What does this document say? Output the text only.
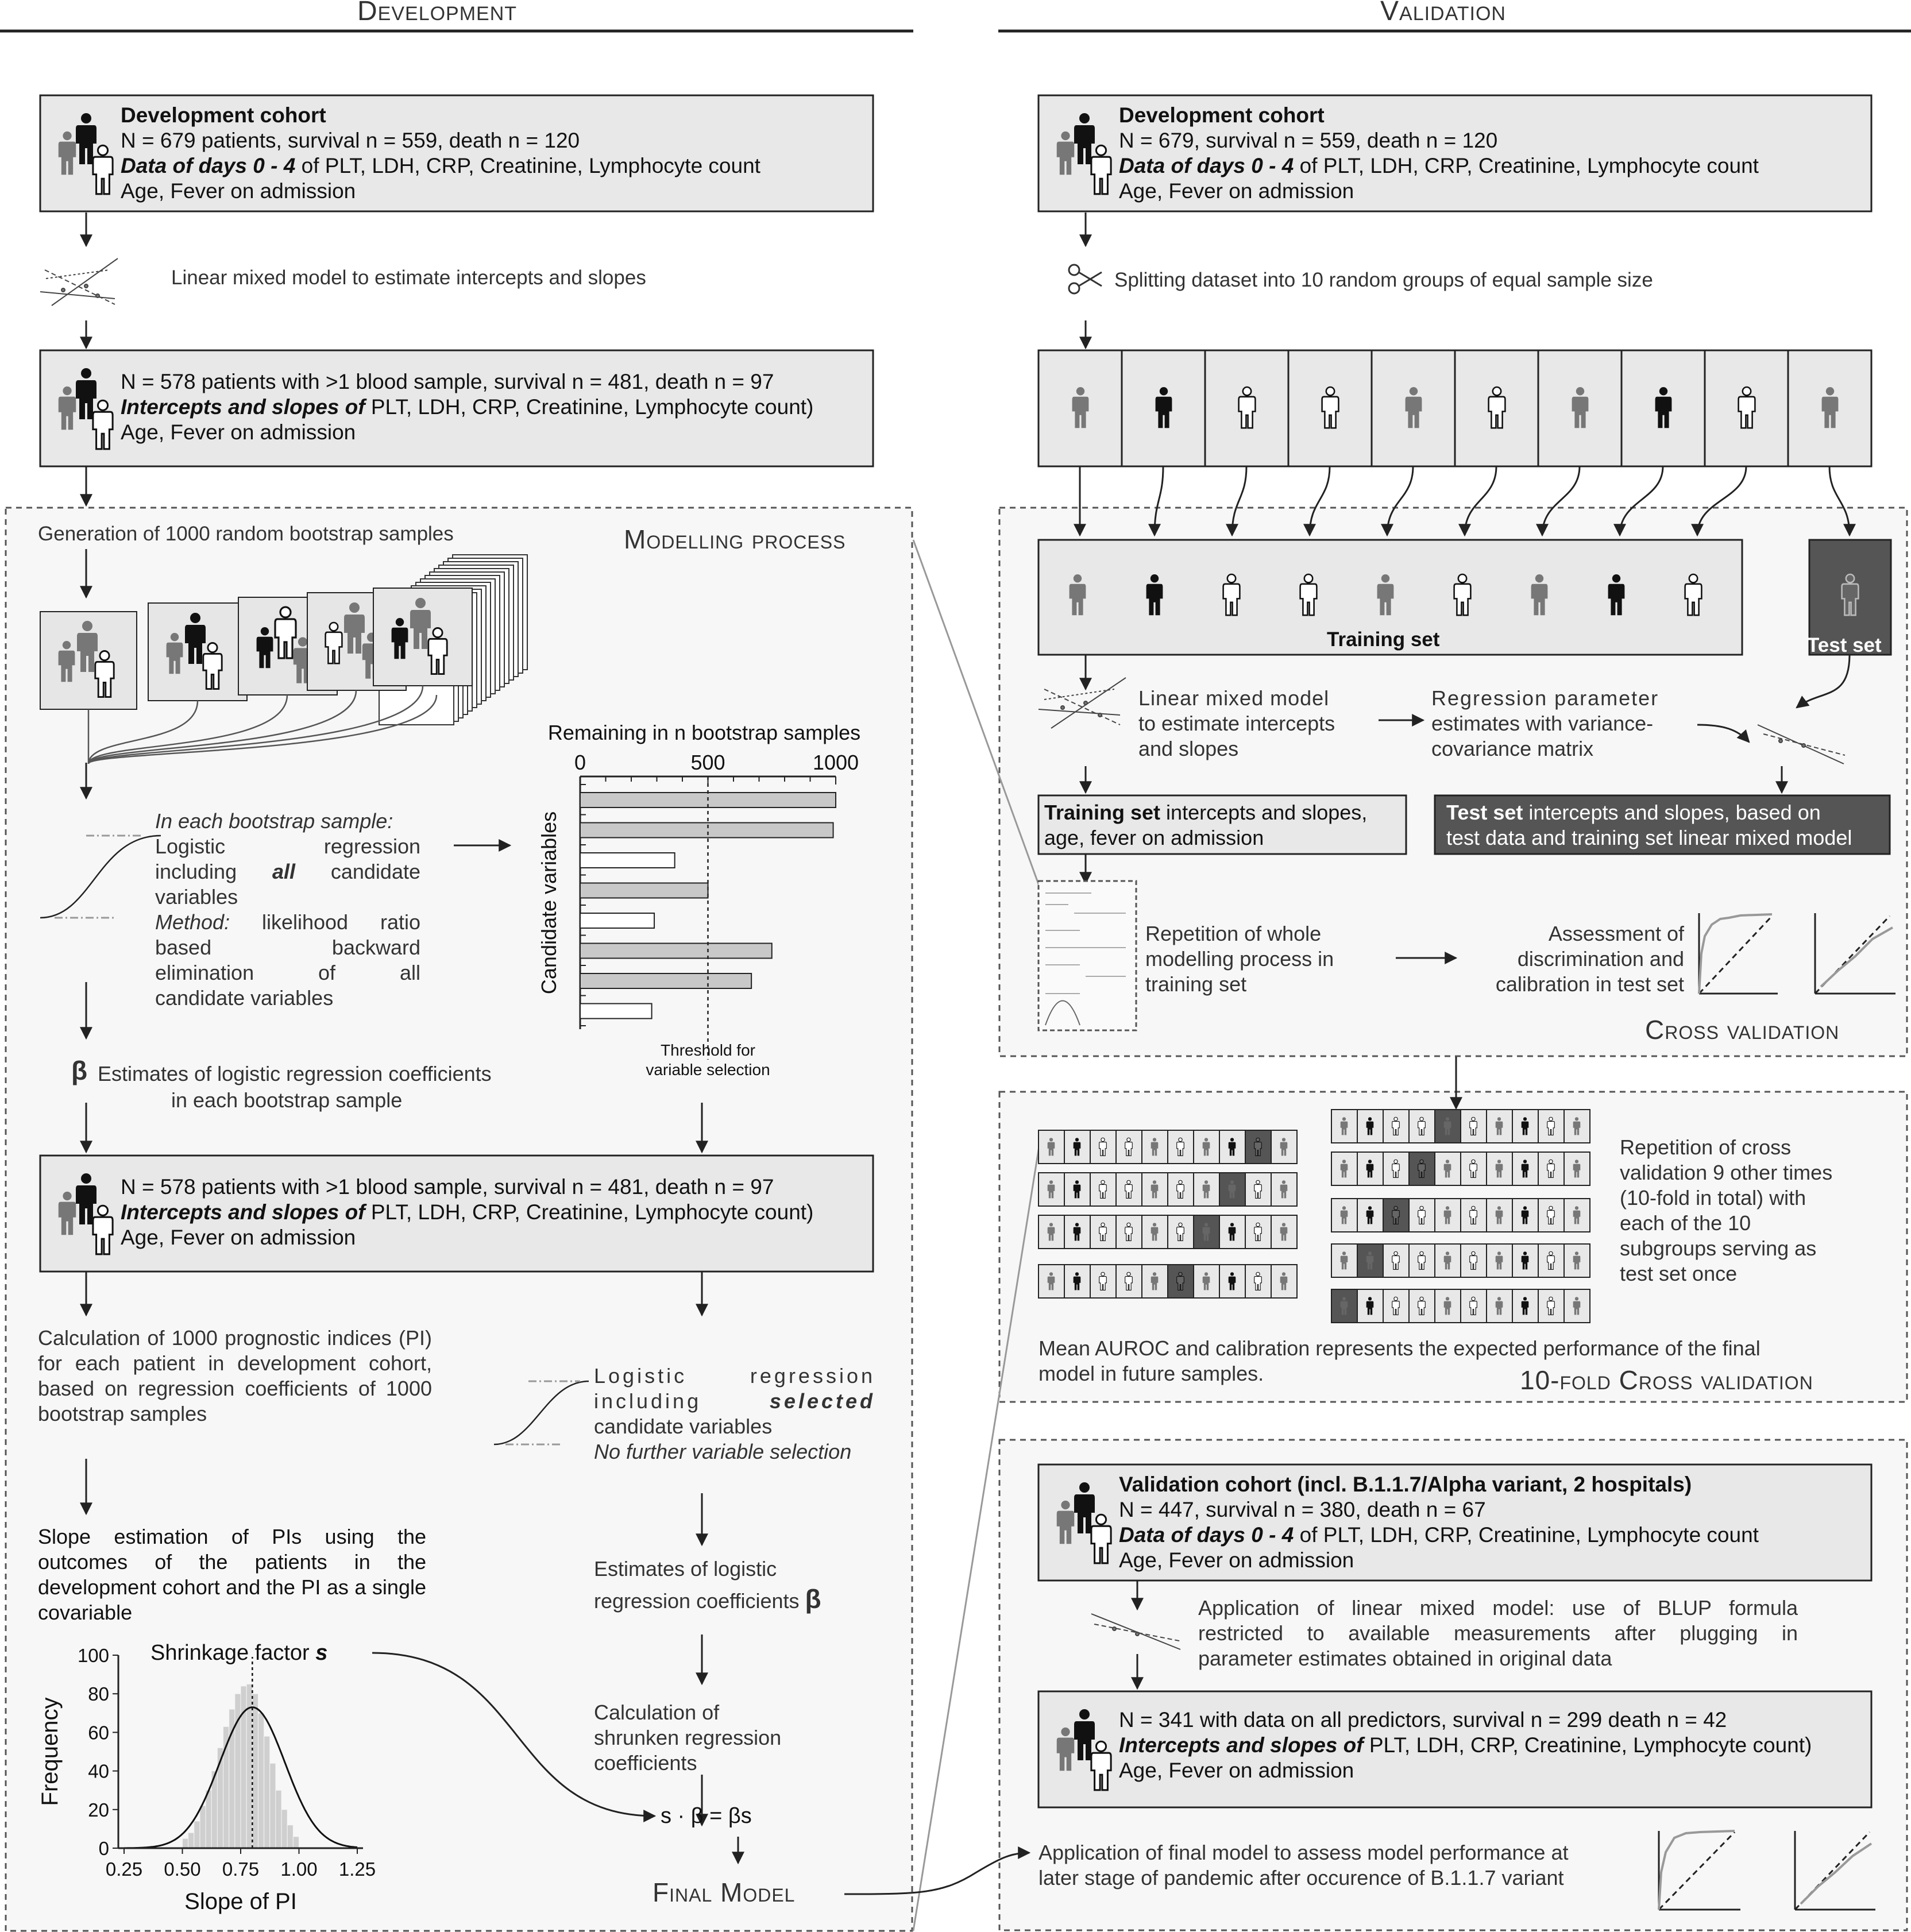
Remaining in n bootstrap samples
0	500	1000
Candidate variables
Threshold for
variable selection
0.25 0.50 0.75 1.00 1.25
0
20
40
60
80
100
Slope of PI
Frequency
Development	Validation
Development cohort
N = 679 patients, survival n = 559, death n = 120
Data of days 0 - 4 of PLT, LDH, CRP, Creatinine, Lymphocyte count
Age, Fever on admission
Linear mixed model to estimate intercepts and slopes
N = 578 patients with >1 blood sample, survival n = 481, death n = 97
Intercepts and slopes of PLT, LDH, CRP, Creatinine, Lymphocyte count)
Age, Fever on admission
Modelling process
Generation of 1000 random bootstrap samples
In each bootstrap sample:
Logistic regression
including all candidate
variables
Method: likelihood ratio
based backward
elimination of all
candidate variables
β Estimates of logistic regression coefficients
in each bootstrap sample
N = 578 patients with >1 blood sample, survival n = 481, death n = 97
Intercepts and slopes of PLT, LDH, CRP, Creatinine, Lymphocyte count)
Age, Fever on admission
Calculation of 1000 prognostic indices (PI) for each patient in development cohort, based on regression coefficients of 1000 bootstrap samples
Logistic regression
including selected
candidate variables
No further variable selection
Slope estimation of PIs using the outcomes of the patients in the development cohort and the PI as a single covariable
Estimates of logistic
regression coefficients β
Calculation of
shrunken regression
coefficients
s · β = βs
Final Model
Shrinkage factor s
Development cohort
N = 679, survival n = 559, death n = 120
Data of days 0 - 4 of PLT, LDH, CRP, Creatinine, Lymphocyte count
Age, Fever on admission
Splitting dataset into 10 random groups of equal sample size
Training set	Test set
Linear mixed model
to estimate intercepts
and slopes
Regression parameter
estimates with variance-
covariance matrix
Training set intercepts and slopes,
age, fever on admission
Test set intercepts and slopes, based on
test data and training set linear mixed model
Repetition of whole
modelling process in
training set
Assessment of
discrimination and
calibration in test set
Cross validation
Repetition of cross
validation 9 other times
(10-fold in total) with
each of the 10
subgroups serving as
test set once
Mean AUROC and calibration represents the expected performance of the final
model in future samples.	10-fold Cross validation
Validation cohort (incl. B.1.1.7/Alpha variant, 2 hospitals)
N = 447, survival n = 380, death n = 67
Data of days 0 - 4 of PLT, LDH, CRP, Creatinine, Lymphocyte count
Age, Fever on admission
Application of linear mixed model: use of BLUP formula
restricted to available measurements after plugging in
parameter estimates obtained in original data
N = 341 with data on all predictors, survival n = 299 death n = 42
Intercepts and slopes of PLT, LDH, CRP, Creatinine, Lymphocyte count)
Age, Fever on admission
Application of final model to assess model performance at
later stage of pandemic after occurence of B.1.1.7 variant
